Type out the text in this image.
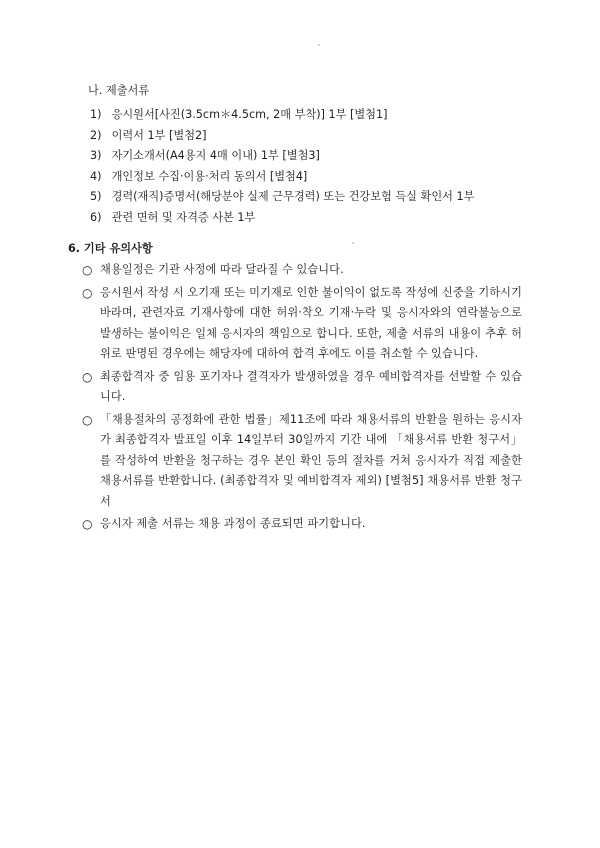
나. 제출서류
1) 응시원서[사진(3.5cm＊4.5cm, 2매 부착)] 1부 [별첨1]
2) 이력서 1부 [별첨2]
3) 자기소개서(A4용지 4매 이내) 1부 [별첨3]
4) 개인정보 수집·이용·처리 동의서 [별첨4]
5) 경력(재직)증명서(해당분야 실제 근무경력) 또는 건강보험 득실 확인서 1부
6) 관련 면허 및 자격증 사본 1부
6. 기타 유의사항
○ 채용일정은 기관 사정에 따라 달라질 수 있습니다.
○ 응시원서 작성 시 오기재 또는 미기재로 인한 불이익이 없도록 작성에 신중을 기하시기 바라며, 관련자료 기재사항에 대한 허위·착오 기재·누락 및 응시자와의 연락불능으로 발생하는 불이익은 일체 응시자의 책임으로 합니다. 또한, 제출 서류의 내용이 추후 허위로 판명된 경우에는 해당자에 대하여 합격 후에도 이를 취소할 수 있습니다.
○ 최종합격자 중 임용 포기자나 결격자가 발생하였을 경우 예비합격자를 선발할 수 있습니다.
○ 「채용절차의 공정화에 관한 법률」제11조에 따라 채용서류의 반환을 원하는 응시자가 최종합격자 발표일 이후 14일부터 30일까지 기간 내에 「채용서류 반환 청구서」를 작성하여 반환을 청구하는 경우 본인 확인 등의 절차를 거쳐 응시자가 직접 제출한 채용서류를 반환합니다. (최종합격자 및 예비합격자 제외) [별첨5] 채용서류 반환 청구서
○ 응시자 제출 서류는 채용 과정이 종료되면 파기합니다.
